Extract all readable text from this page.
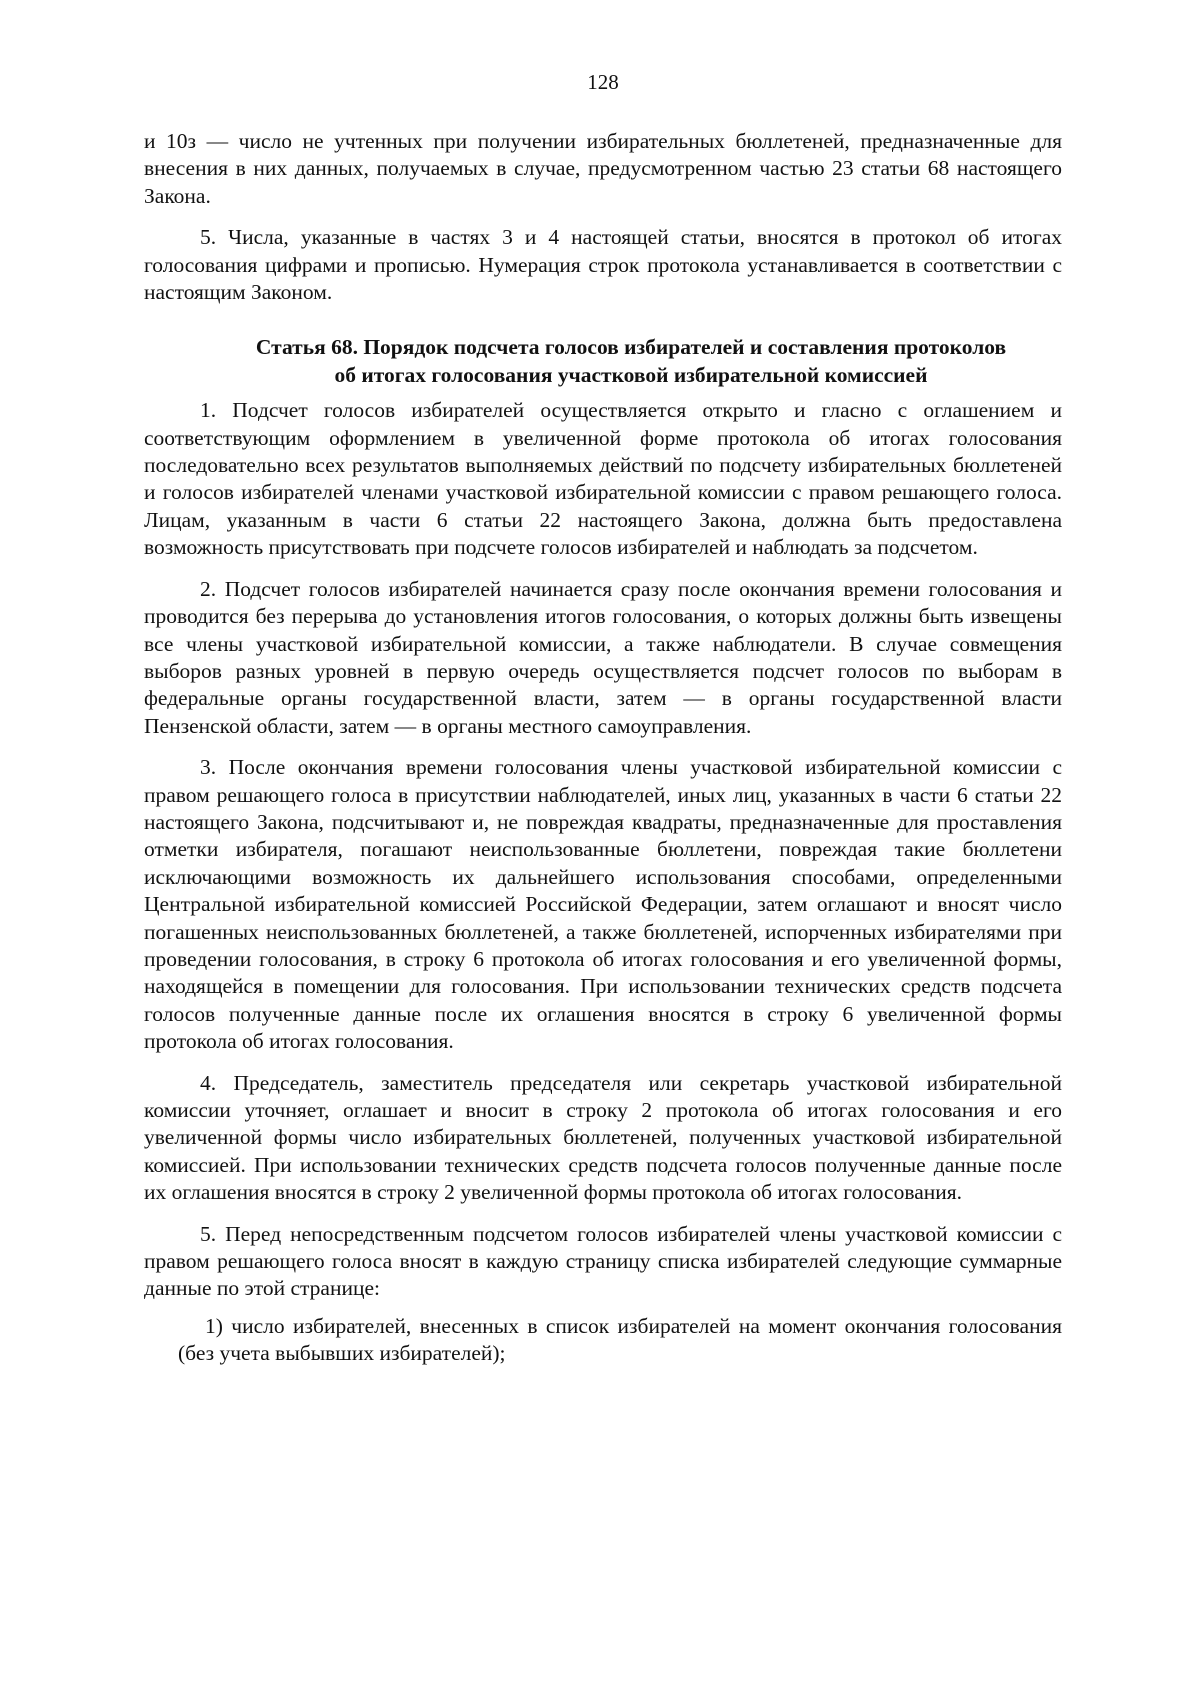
128

и 10з — число не учтенных при получении избирательных бюллетеней, предназначенные для внесения в них данных, получаемых в случае, предусмотренном частью 23 статьи 68 настоящего Закона.

5. Числа, указанные в частях 3 и 4 настоящей статьи, вносятся в протокол об итогах голосования цифрами и прописью. Нумерация строк протокола устанавливается в соответствии с настоящим Законом.

Статья 68. Порядок подсчета голосов избирателей и составления протоколов
об итогах голосования участковой избирательной комиссией

1. Подсчет голосов избирателей осуществляется открыто и гласно с оглашением и соответствующим оформлением в увеличенной форме протокола об итогах голосования последовательно всех результатов выполняемых действий по подсчету избирательных бюллетеней и голосов избирателей членами участковой избирательной комиссии с правом решающего голоса. Лицам, указанным в части 6 статьи 22 настоящего Закона, должна быть предоставлена возможность присутствовать при подсчете голосов избирателей и наблюдать за подсчетом.

2. Подсчет голосов избирателей начинается сразу после окончания времени голосования и проводится без перерыва до установления итогов голосования, о которых должны быть извещены все члены участковой избирательной комиссии, а также наблюдатели. В случае совмещения выборов разных уровней в первую очередь осуществляется подсчет голосов по выборам в федеральные органы государственной власти, затем — в органы государственной власти Пензенской области, затем — в органы местного самоуправления.

3. После окончания времени голосования члены участковой избирательной комиссии с правом решающего голоса в присутствии наблюдателей, иных лиц, указанных в части 6 статьи 22 настоящего Закона, подсчитывают и, не повреждая квадраты, предназначенные для проставления отметки избирателя, погашают неиспользованные бюллетени, повреждая такие бюллетени исключающими возможность их дальнейшего использования способами, определенными Центральной избирательной комиссией Российской Федерации, затем оглашают и вносят число погашенных неиспользованных бюллетеней, а также бюллетеней, испорченных избирателями при проведении голосования, в строку 6 протокола об итогах голосования и его увеличенной формы, находящейся в помещении для голосования. При использовании технических средств подсчета голосов полученные данные после их оглашения вносятся в строку 6 увеличенной формы протокола об итогах голосования.

4. Председатель, заместитель председателя или секретарь участковой избирательной комиссии уточняет, оглашает и вносит в строку 2 протокола об итогах голосования и его увеличенной формы число избирательных бюллетеней, полученных участковой избирательной комиссией. При использовании технических средств подсчета голосов полученные данные после их оглашения вносятся в строку 2 увеличенной формы протокола об итогах голосования.

5. Перед непосредственным подсчетом голосов избирателей члены участковой комиссии с правом решающего голоса вносят в каждую страницу списка избирателей следующие суммарные данные по этой странице:

1) число избирателей, внесенных в список избирателей на момент окончания голосования (без учета выбывших избирателей);
